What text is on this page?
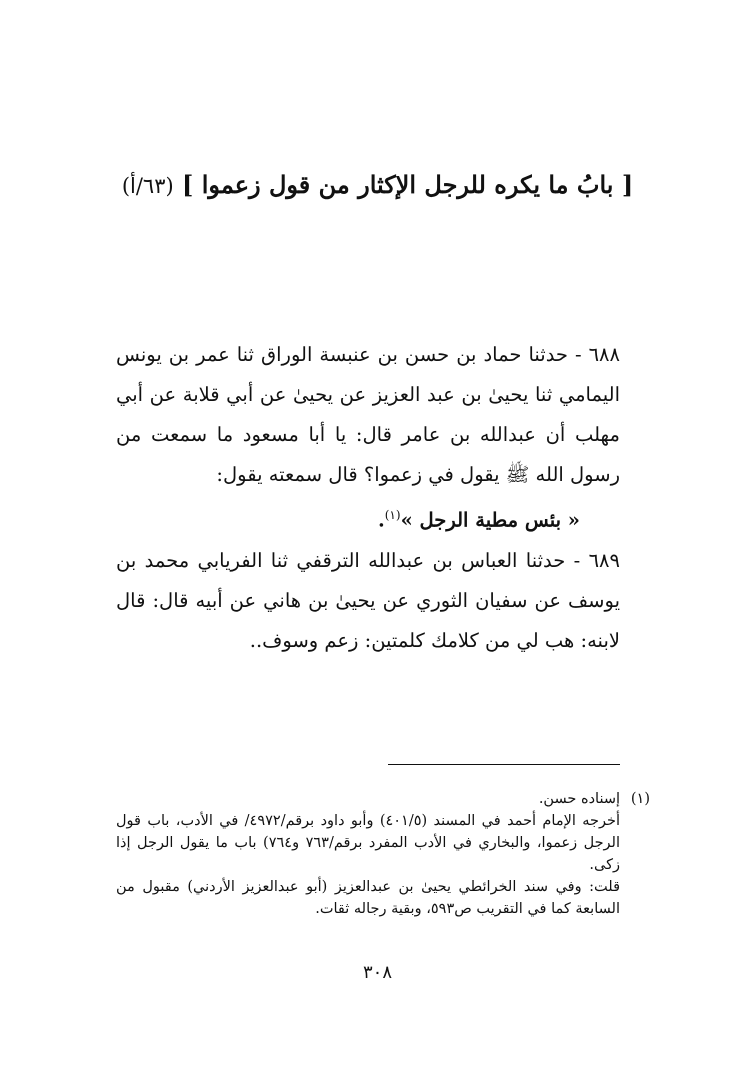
[ بابُ ما يكره للرجل الإكثار من قول زعموا ] (٦٣/أ)

٦٨٨ - حدثنا حماد بن حسن بن عنبسة الوراق ثنا عمر بن يونس اليمامي ثنا يحيىٰ بن عبد العزيز عن يحيىٰ عن أبي قلابة عن أبي مهلب أن عبدالله بن عامر قال: يا أبا مسعود ما سمعت من رسول الله ﷺ يقول في زعموا؟ قال سمعته يقول:

« بئس مطية الرجل »$^{(١)}$.

٦٨٩ - حدثنا العباس بن عبدالله الترقفي ثنا الفريابي محمد بن يوسف عن سفيان الثوري عن يحيىٰ بن هاني عن أبيه قال: قال لابنه: هب لي من كلامك كلمتين: زعم وسوف..

(١)

إسناده حسن.

أخرجه الإمام أحمد في المسند (٤٠١/٥) وأبو داود برقم/٤٩٧٢/ في الأدب، باب قول الرجل زعموا، والبخاري في الأدب المفرد برقم/٧٦٣ و٧٦٤) باب ما يقول الرجل إذا زكى.

قلت: وفي سند الخرائطي يحيىٰ بن عبدالعزيز (أبو عبدالعزيز الأردني) مقبول من السابعة كما في التقريب ص٥٩٣، وبقية رجاله ثقات.

٣٠٨
